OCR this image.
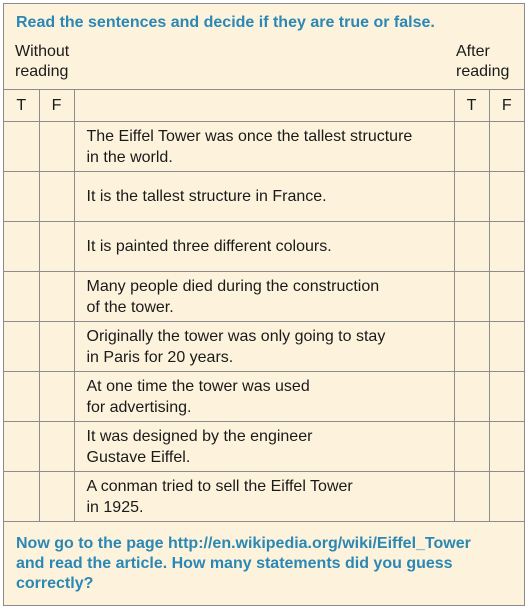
Read the sentences and decide if they are true or false.
Without
reading
After
reading
T	F		T	F

		The Eiffel Tower was once the tallest structure
in the world.		

		It is the tallest structure in France.		

		It is painted three different colours.		

		Many people died during the construction
of the tower.		

		Originally the tower was only going to stay
in Paris for 20 years.		

		At one time the tower was used
for advertising.		

		It was designed by the engineer
Gustave Eiffel.		

		A conman tried to sell the Eiffel Tower
in 1925.		

Now go to the page http://en.wikipedia.org/wiki/Eiffel_Tower
and read the article. How many statements did you guess
correctly?
